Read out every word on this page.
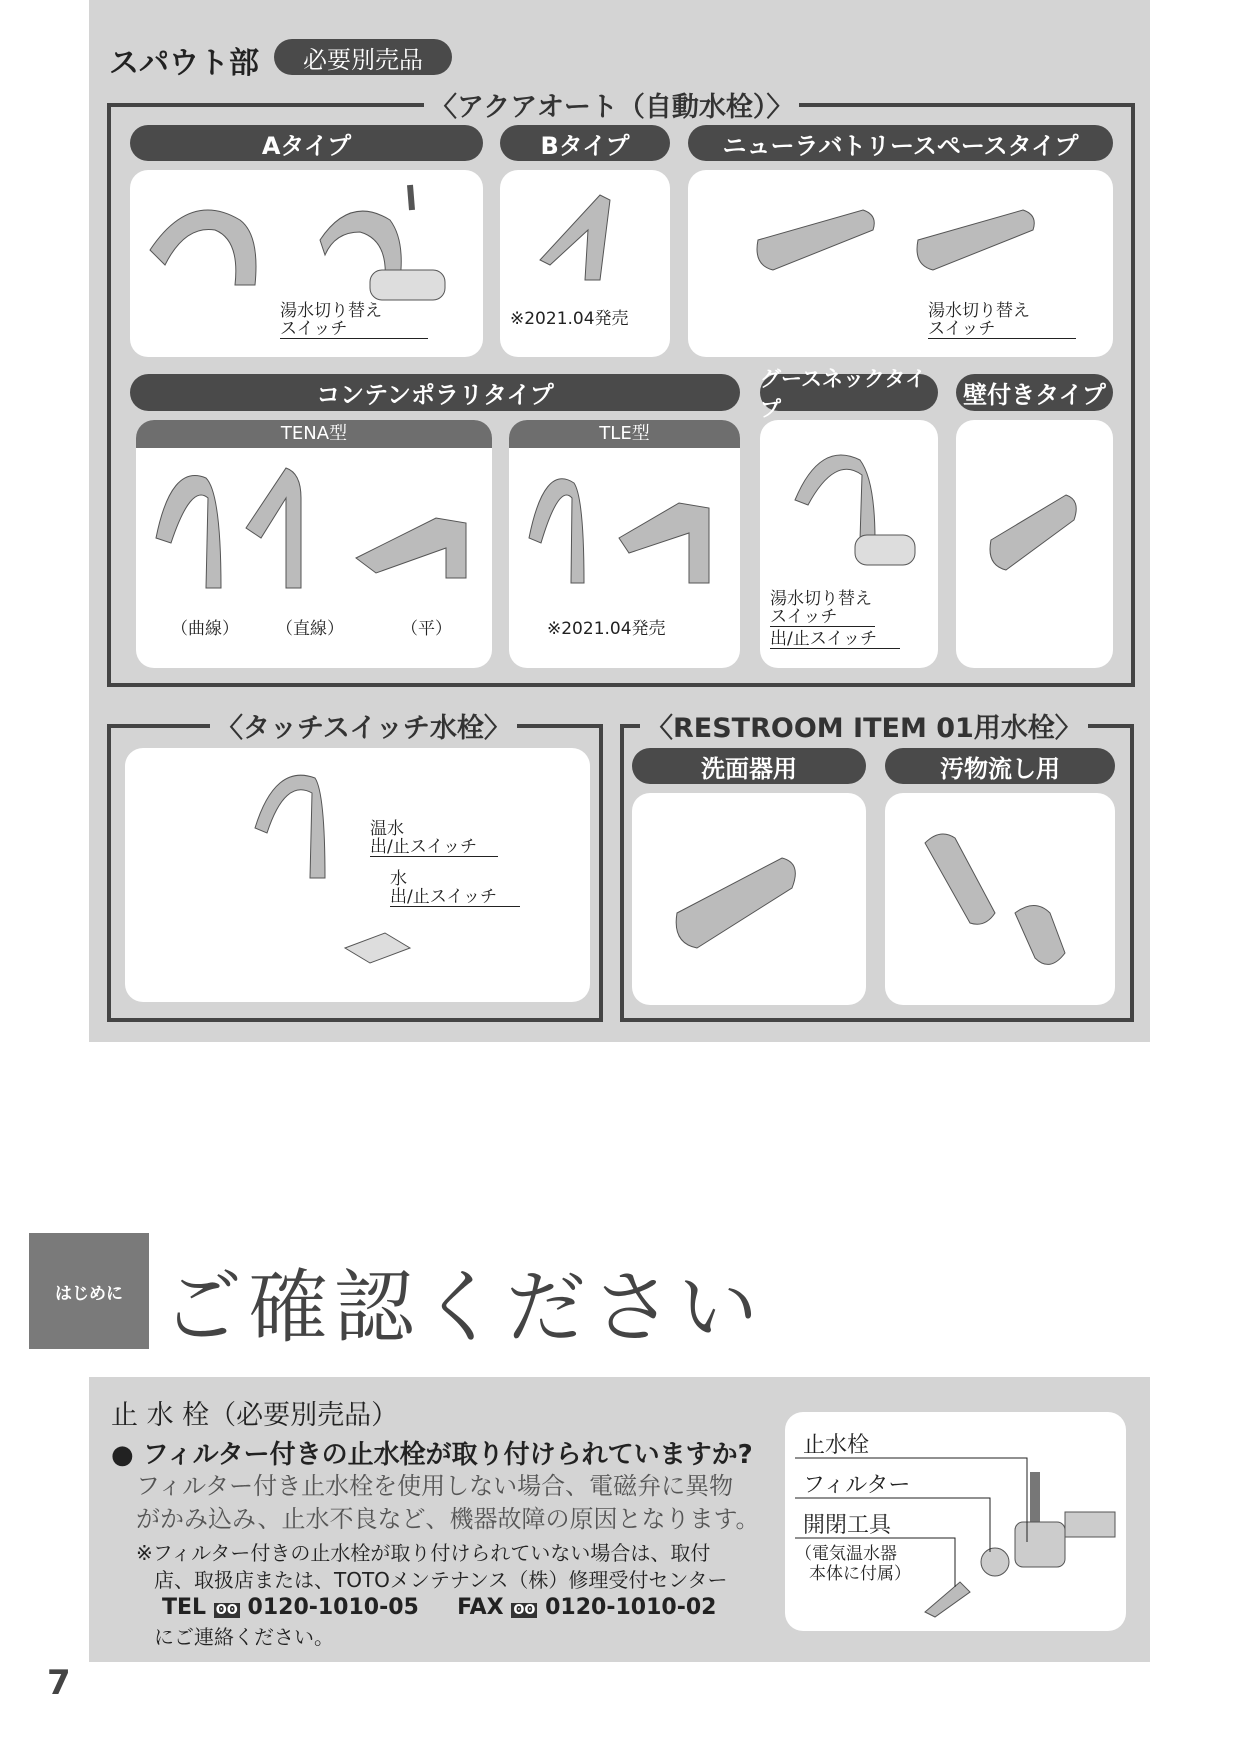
スパウト部	必要別売品
〈アクアオート（自動水栓）〉
Aタイプ	Bタイプ	ニューラバトリースペースタイプ
湯水切り替え
スイッチ	※2021.04発売	湯水切り替え
スイッチ
コンテンポラリタイプ
グースネックタイプ	壁付きタイプ
TENA型
（曲線） （直線）	（平）
TLE型
※2021.04発売
湯水切り替え
スイッチ
出/止スイッチ
〈タッチスイッチ水栓〉
温水
出/止スイッチ
水
出/止スイッチ
〈RESTROOM ITEM 01用水栓〉
洗面器用	汚物流し用
はじめに ご確認ください
止 水 栓（必要別売品）
● フィルター付きの止水栓が取り付けられていますか?
フィルター付き止水栓を使用しない場合、電磁弁に異物
がかみ込み、止水不良など、機器故障の原因となります。
※フィルター付きの止水栓が取り付けられていない場合は、取付
店、取扱店または、TOTOメンテナンス（株）修理受付センター
TEL ʘʘ 0120-1010-05 FAX ʘʘ 0120-1010-02
にご連絡ください。
止水栓
フィルター
開閉工具
（電気温水器
本体に付属）
7
